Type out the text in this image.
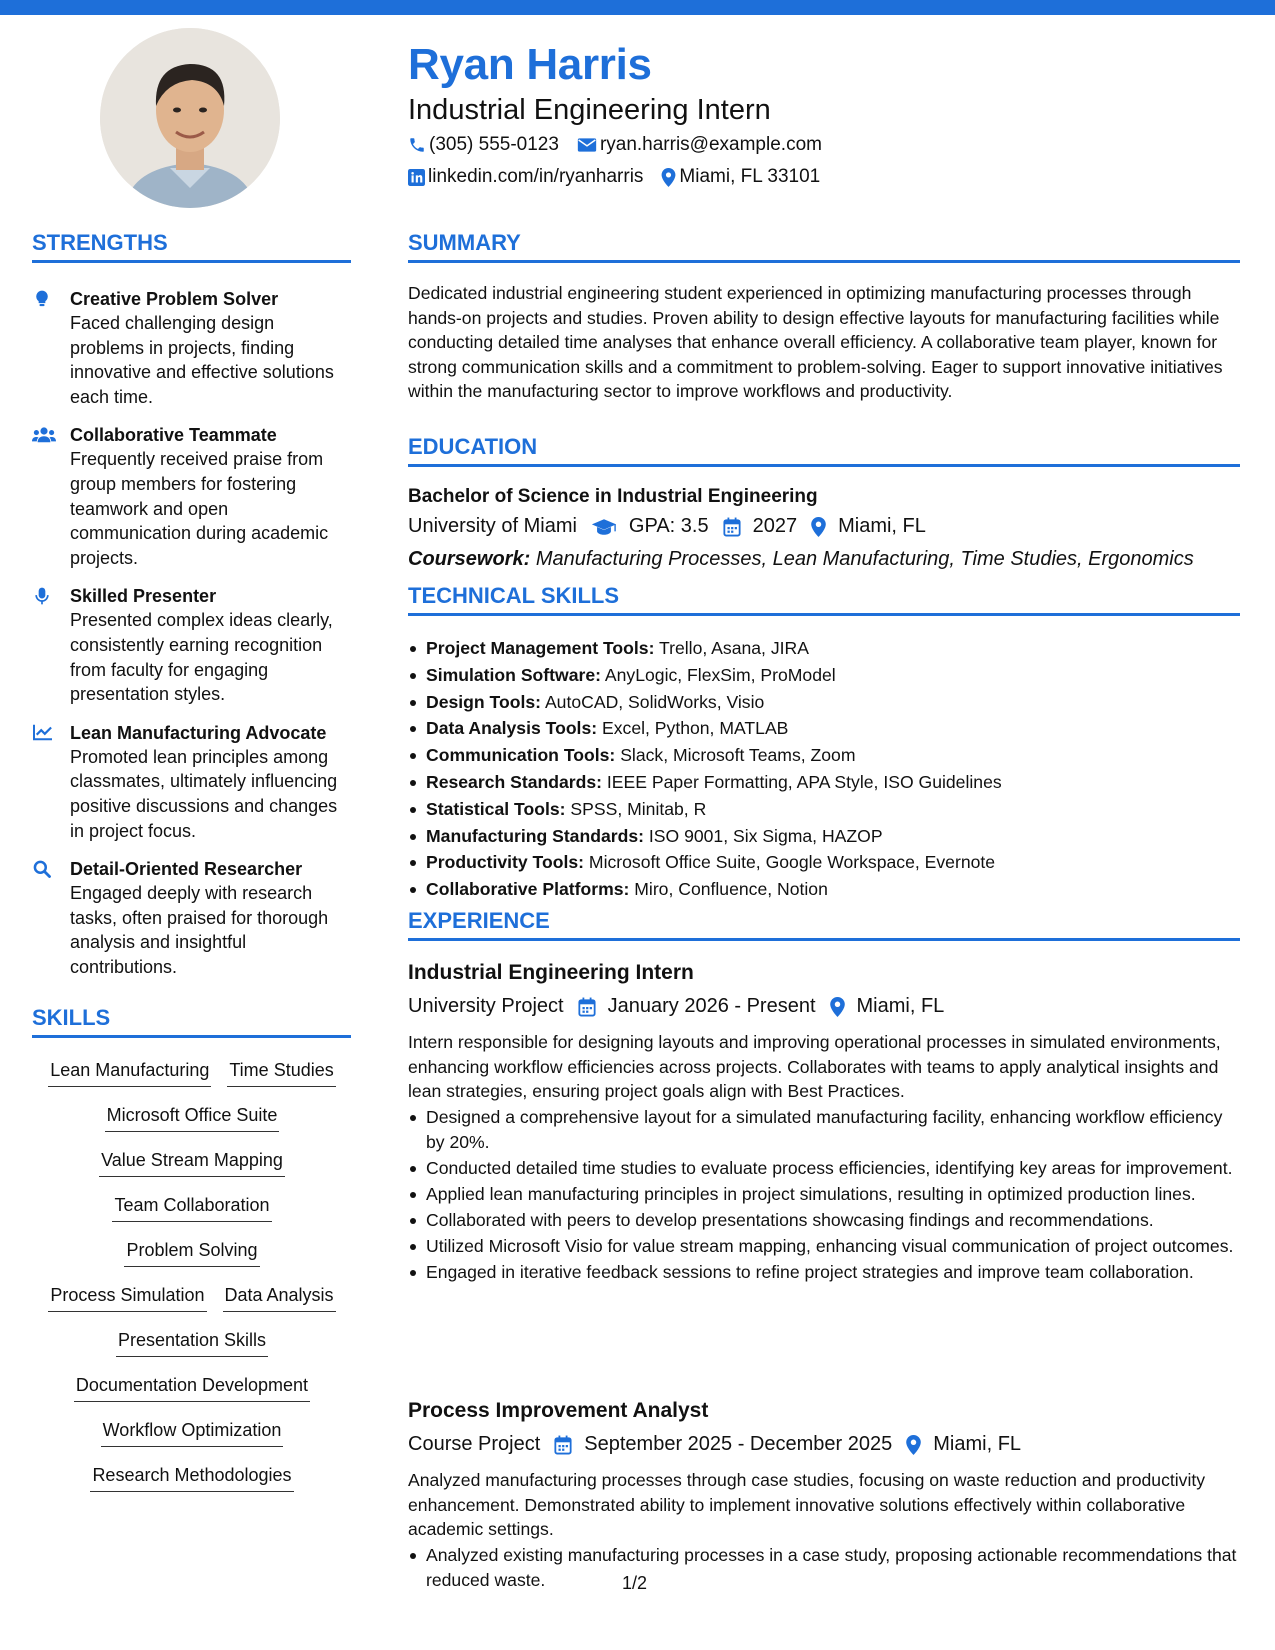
Ryan Harris
Industrial Engineering Intern
(305) 555-0123 ryan.harris@example.com
linkedin.com/in/ryanharris Miami, FL 33101
STRENGTHS
Creative Problem Solver
Faced challenging design problems in projects, finding innovative and effective solutions each time.
Collaborative Teammate
Frequently received praise from group members for fostering teamwork and open communication during academic projects.
Skilled Presenter
Presented complex ideas clearly, consistently earning recognition from faculty for engaging presentation styles.
Lean Manufacturing Advocate
Promoted lean principles among classmates, ultimately influencing positive discussions and changes in project focus.
Detail-Oriented Researcher
Engaged deeply with research tasks, often praised for thorough analysis and insightful contributions.
SKILLS
Lean Manufacturing Time Studies
Microsoft Office Suite
Value Stream Mapping
Team Collaboration
Problem Solving
Process Simulation Data Analysis
Presentation Skills
Documentation Development
Workflow Optimization
Research Methodologies
SUMMARY
Dedicated industrial engineering student experienced in optimizing manufacturing processes through hands-on projects and studies. Proven ability to design effective layouts for manufacturing facilities while conducting detailed time analyses that enhance overall efficiency. A collaborative team player, known for strong communication skills and a commitment to problem-solving. Eager to support innovative initiatives within the manufacturing sector to improve workflows and productivity.
EDUCATION
Bachelor of Science in Industrial Engineering
University of Miami	GPA: 3.5 2027 Miami, FL
Coursework: Manufacturing Processes, Lean Manufacturing, Time Studies, Ergonomics
TECHNICAL SKILLS
Project Management Tools: Trello, Asana, JIRA
Simulation Software: AnyLogic, FlexSim, ProModel
Design Tools: AutoCAD, SolidWorks, Visio
Data Analysis Tools: Excel, Python, MATLAB
Communication Tools: Slack, Microsoft Teams, Zoom
Research Standards: IEEE Paper Formatting, APA Style, ISO Guidelines
Statistical Tools: SPSS, Minitab, R
Manufacturing Standards: ISO 9001, Six Sigma, HAZOP
Productivity Tools: Microsoft Office Suite, Google Workspace, Evernote
Collaborative Platforms: Miro, Confluence, Notion
EXPERIENCE
Industrial Engineering Intern
University Project January 2026 - Present Miami, FL
Intern responsible for designing layouts and improving operational processes in simulated environments, enhancing workflow efficiencies across projects. Collaborates with teams to apply analytical insights and lean strategies, ensuring project goals align with Best Practices.
Designed a comprehensive layout for a simulated manufacturing facility, enhancing workflow efficiency by 20%.
Conducted detailed time studies to evaluate process efficiencies, identifying key areas for improvement.
Applied lean manufacturing principles in project simulations, resulting in optimized production lines.
Collaborated with peers to develop presentations showcasing findings and recommendations.
Utilized Microsoft Visio for value stream mapping, enhancing visual communication of project outcomes.
Engaged in iterative feedback sessions to refine project strategies and improve team collaboration.
Process Improvement Analyst
Course Project September 2025 - December 2025 Miami, FL
Analyzed manufacturing processes through case studies, focusing on waste reduction and productivity enhancement. Demonstrated ability to implement innovative solutions effectively within collaborative academic settings.
Analyzed existing manufacturing processes in a case study, proposing actionable recommendations that reduced waste.	1/2
